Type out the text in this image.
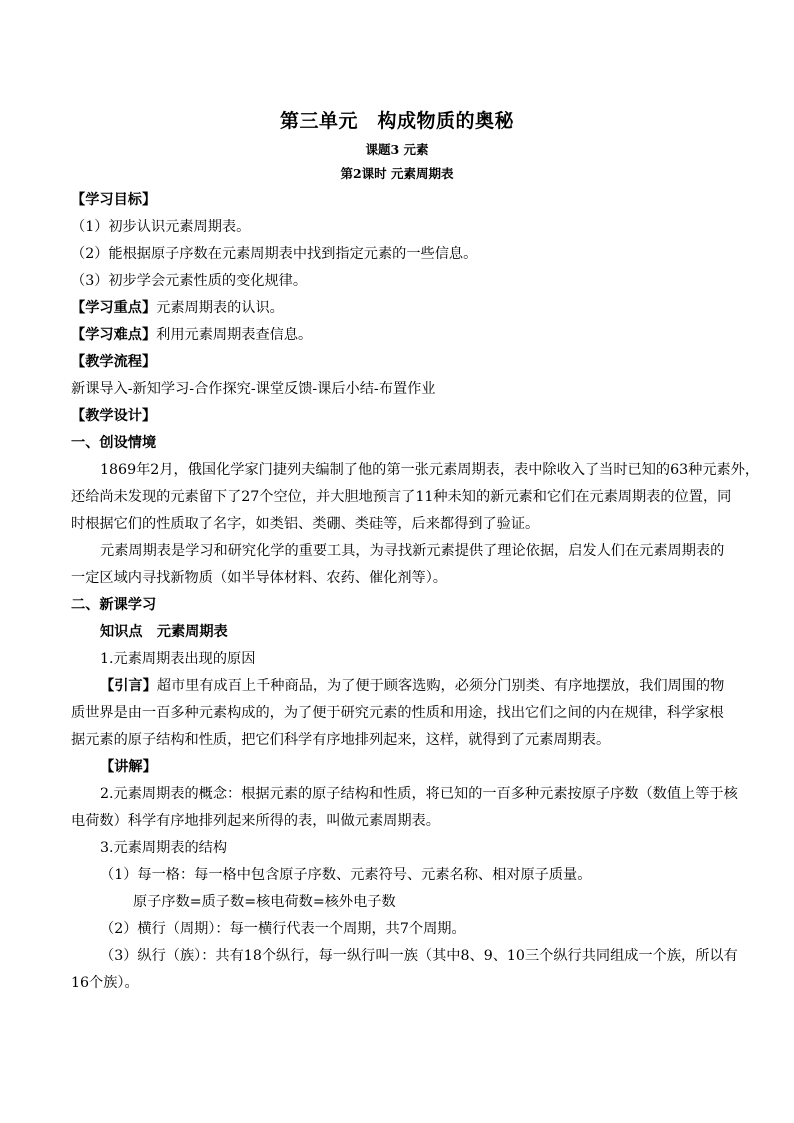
第三单元　构成物质的奥秘
课题3 元素
第2课时 元素周期表
【学习目标】
（1）初步认识元素周期表。
（2）能根据原子序数在元素周期表中找到指定元素的一些信息。
（3）初步学会元素性质的变化规律。
【学习重点】元素周期表的认识。
【学习难点】利用元素周期表查信息。
【教学流程】
新课导入-新知学习-合作探究-课堂反馈-课后小结-布置作业
【教学设计】
一、创设情境
1869年2月，俄国化学家门捷列夫编制了他的第一张元素周期表，表中除收入了当时已知的63种元素外，
还给尚未发现的元素留下了27个空位，并大胆地预言了11种未知的新元素和它们在元素周期表的位置，同
时根据它们的性质取了名字，如类铝、类硼、类硅等，后来都得到了验证。
元素周期表是学习和研究化学的重要工具，为寻找新元素提供了理论依据，启发人们在元素周期表的
一定区域内寻找新物质（如半导体材料、农药、催化剂等）。
二、新课学习
知识点　元素周期表
1.元素周期表出现的原因
【引言】超市里有成百上千种商品，为了便于顾客选购，必须分门别类、有序地摆放，我们周围的物
质世界是由一百多种元素构成的，为了便于研究元素的性质和用途，找出它们之间的内在规律，科学家根
据元素的原子结构和性质，把它们科学有序地排列起来，这样，就得到了元素周期表。
【讲解】
2.元素周期表的概念：根据元素的原子结构和性质，将已知的一百多种元素按原子序数（数值上等于核
电荷数）科学有序地排列起来所得的表，叫做元素周期表。
3.元素周期表的结构
（1）每一格：每一格中包含原子序数、元素符号、元素名称、相对原子质量。
原子序数=质子数=核电荷数=核外电子数
（2）横行（周期）：每一横行代表一个周期，共7个周期。
（3）纵行（族）：共有18个纵行，每一纵行叫一族（其中8、9、10三个纵行共同组成一个族，所以有
16个族）。
